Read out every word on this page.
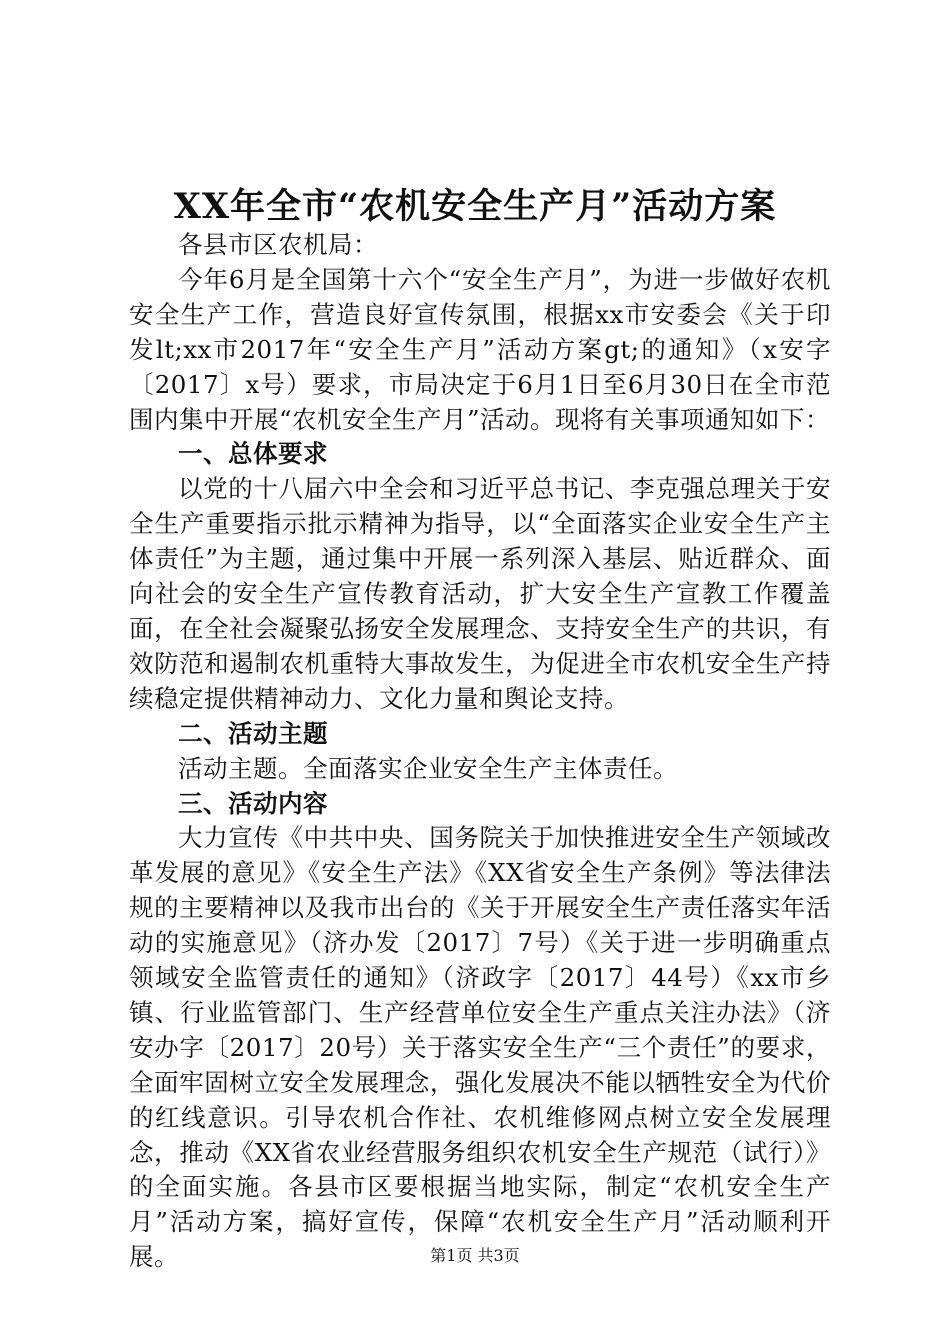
XX年全市“农机安全生产月”活动方案

各县市区农机局：

今年6月是全国第十六个“安全生产月”，为进一步做好农机安全生产工作，营造良好宣传氛围，根据xx市安委会《关于印发lt;xx市2017年“安全生产月”活动方案gt;的通知》（x安字〔2017〕x号）要求，市局决定于6月1日至6月30日在全市范围内集中开展“农机安全生产月”活动。现将有关事项通知如下：

一、总体要求

以党的十八届六中全会和习近平总书记、李克强总理关于安全生产重要指示批示精神为指导，以“全面落实企业安全生产主体责任”为主题，通过集中开展一系列深入基层、贴近群众、面向社会的安全生产宣传教育活动，扩大安全生产宣教工作覆盖面，在全社会凝聚弘扬安全发展理念、支持安全生产的共识，有效防范和遏制农机重特大事故发生，为促进全市农机安全生产持续稳定提供精神动力、文化力量和舆论支持。

二、活动主题

活动主题。全面落实企业安全生产主体责任。

三、活动内容

大力宣传《中共中央、国务院关于加快推进安全生产领域改革发展的意见》《安全生产法》《XX省安全生产条例》等法律法规的主要精神以及我市出台的《关于开展安全生产责任落实年活动的实施意见》（济办发〔2017〕7号）《关于进一步明确重点领域安全监管责任的通知》（济政字〔2017〕44号）《xx市乡镇、行业监管部门、生产经营单位安全生产重点关注办法》（济安办字〔2017〕20号）关于落实安全生产“三个责任”的要求，全面牢固树立安全发展理念，强化发展决不能以牺牲安全为代价的红线意识。引导农机合作社、农机维修网点树立安全发展理念，推动《XX省农业经营服务组织农机安全生产规范（试行）》的全面实施。各县市区要根据当地实际，制定“农机安全生产月”活动方案，搞好宣传，保障“农机安全生产月”活动顺利开展。	第1页 共3页
